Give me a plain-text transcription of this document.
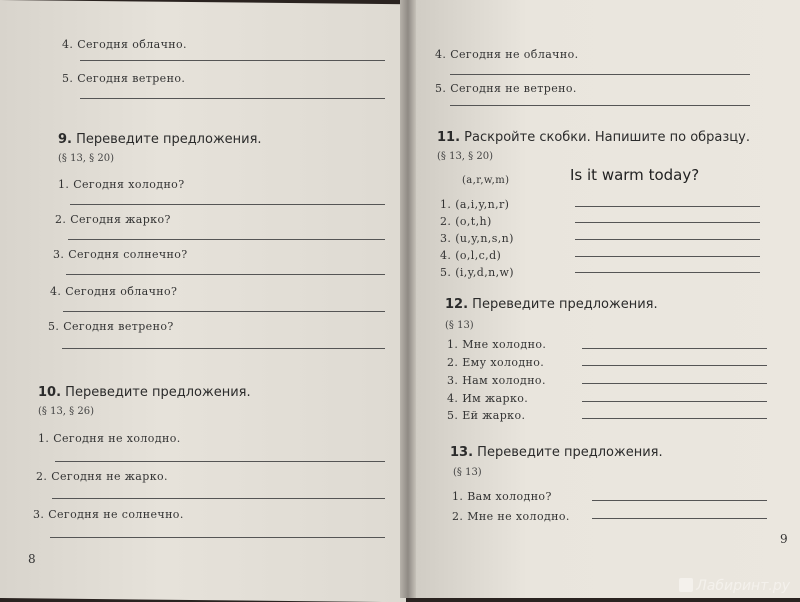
4. Сегодня облачно.
5. Сегодня ветрено.
9. Переведите предложения.
(§ 13, § 20)
1. Сегодня холодно?
2. Сегодня жарко?
3. Сегодня солнечно?
4. Сегодня облачно?
5. Сегодня ветрено?
10. Переведите предложения.
(§ 13, § 26)
1. Сегодня не холодно.
2. Сегодня не жарко.
3. Сегодня не солнечно.
8
4. Сегодня не облачно.
5. Сегодня не ветрено.
11. Раскройте скобки. Напишите по образцу.
(§ 13, § 20)
(a,r,w,m)	Is it warm today?
1. (a,i,y,n,r)
2. (o,t,h)
3. (u,y,n,s,n)
4. (o,l,c,d)
5. (i,y,d,n,w)
12. Переведите предложения.
(§ 13)
1. Мне холодно.
2. Ему холодно.
3. Нам холодно.
4. Им жарко.
5. Ей жарко.
13. Переведите предложения.
(§ 13)
1. Вам холодно?
2. Мне не холодно.
9
Лабиринт.ру
